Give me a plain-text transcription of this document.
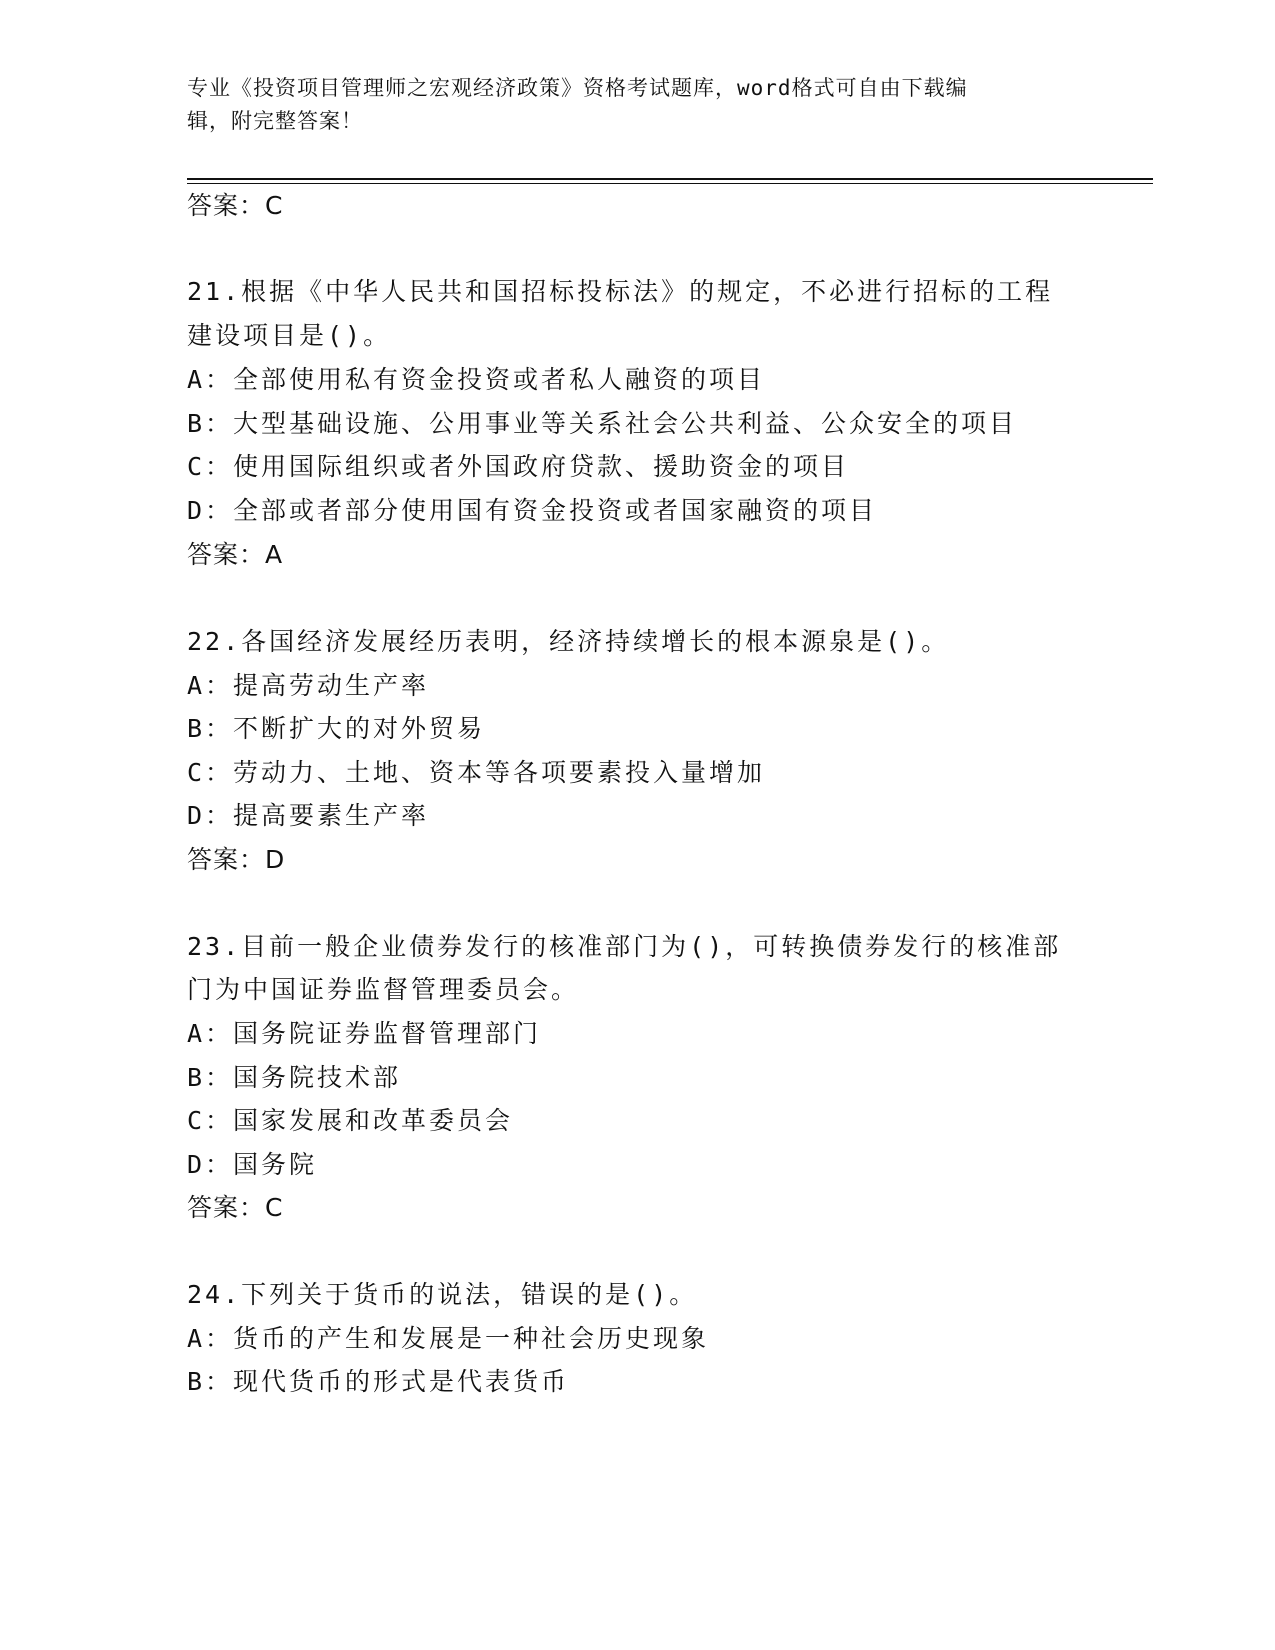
专业《投资项目管理师之宏观经济政策》资格考试题库，word格式可自由下载编
辑，附完整答案！
答案：C
21.根据《中华人民共和国招标投标法》的规定，不必进行招标的工程
建设项目是()。
A：全部使用私有资金投资或者私人融资的项目
B：大型基础设施、公用事业等关系社会公共利益、公众安全的项目
C：使用国际组织或者外国政府贷款、援助资金的项目
D：全部或者部分使用国有资金投资或者国家融资的项目
答案：A
22.各国经济发展经历表明，经济持续增长的根本源泉是()。
A：提高劳动生产率
B：不断扩大的对外贸易
C：劳动力、土地、资本等各项要素投入量增加
D：提高要素生产率
答案：D
23.目前一般企业债券发行的核准部门为()，可转换债券发行的核准部
门为中国证券监督管理委员会。
A：国务院证券监督管理部门
B：国务院技术部
C：国家发展和改革委员会
D：国务院
答案：C
24.下列关于货币的说法，错误的是()。
A：货币的产生和发展是一种社会历史现象
B：现代货币的形式是代表货币
